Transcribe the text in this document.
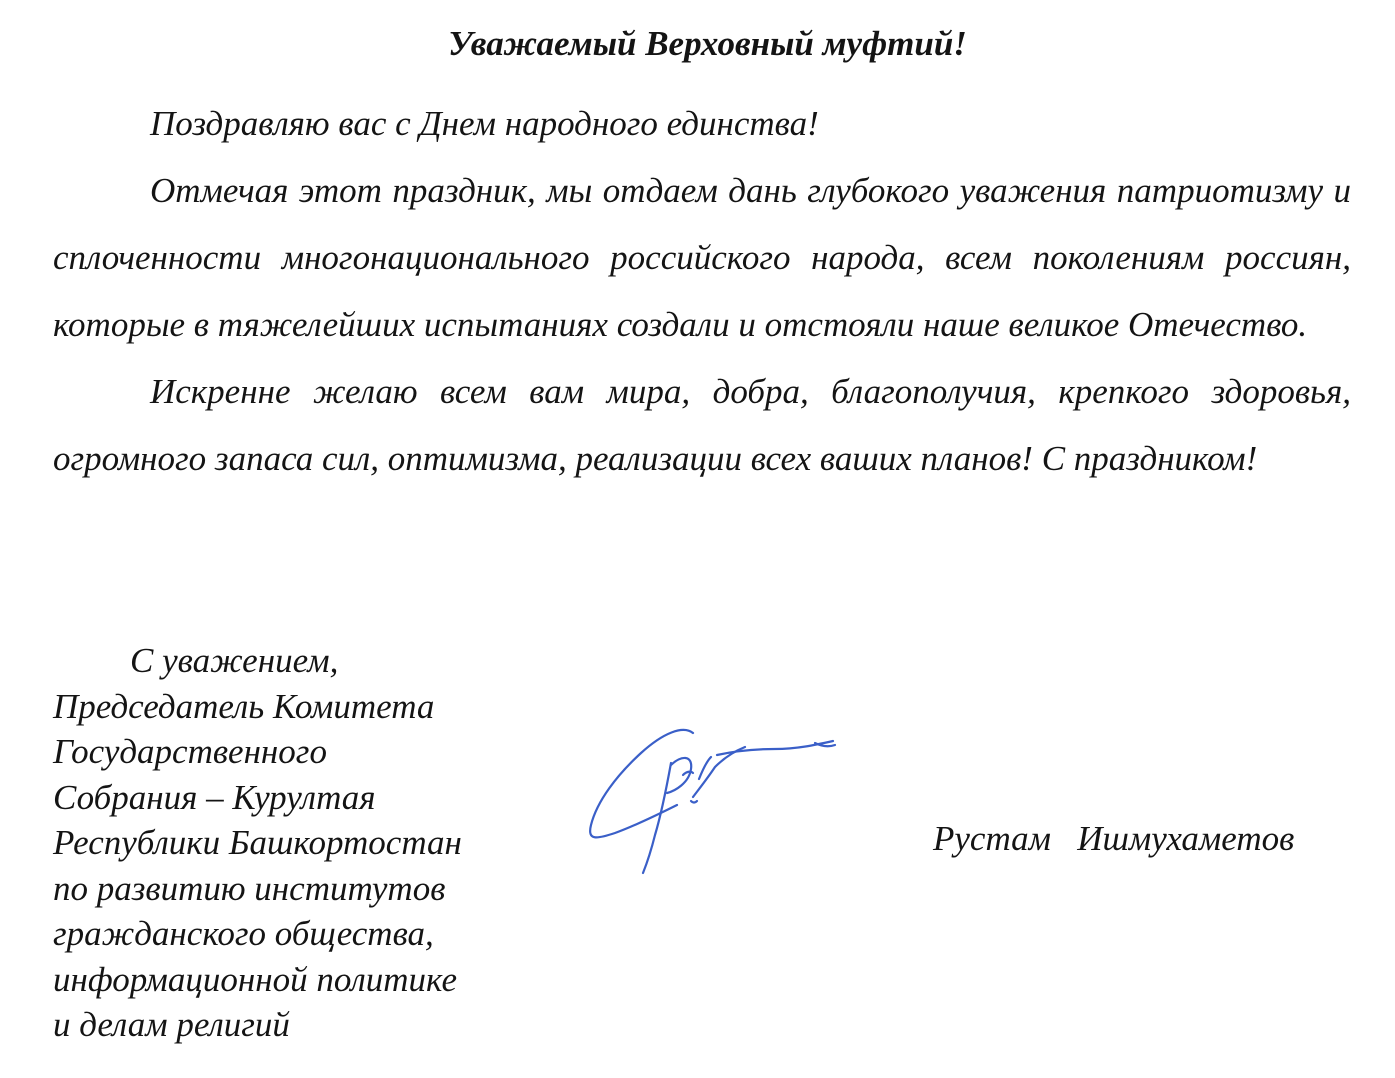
Уважаемый Верховный муфтий!

Поздравляю вас с Днем народного единства!

Отмечая этот праздник, мы отдаем дань глубокого уважения патриотизму и сплоченности многонационального российского народа, всем поколениям россиян, которые в тяжелейших испытаниях создали и отстояли наше великое Отечество.

Искренне желаю всем вам мира, добра, благополучия, крепкого здоровья, огромного запаса сил, оптимизма, реализации всех ваших планов! С праздником!

С уважением,
Председатель Комитета
Государственного
Собрания – Курултая
Республики Башкортостан
по развитию институтов
гражданского общества,
информационной политике
и делам религий
Рустам   Ишмухаметов
